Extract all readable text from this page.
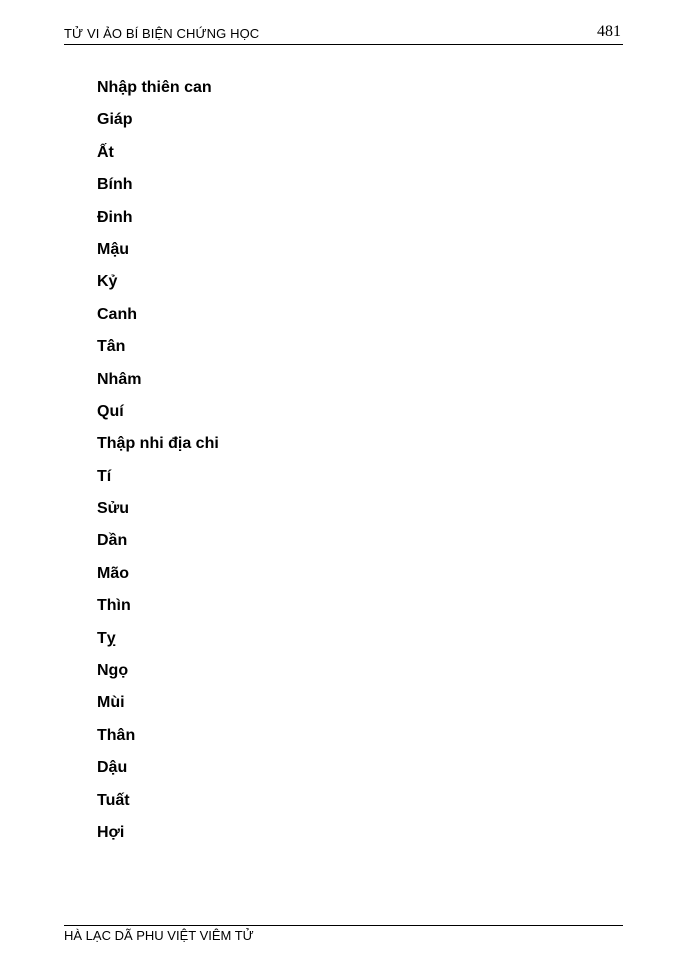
TỬ VI ẢO BÍ BIỆN CHỨNG HỌC	481
Nhập thiên can
Giáp
Ất
Bính
Đinh
Mậu
Kỷ
Canh
Tân
Nhâm
Quí
Thập nhi địa chi
Tí
Sửu
Dần
Mão
Thìn
Tỵ
Ngọ
Mùi
Thân
Dậu
Tuất
Hợi
HÀ LẠC DÃ PHU VIỆT VIÊM TỬ
